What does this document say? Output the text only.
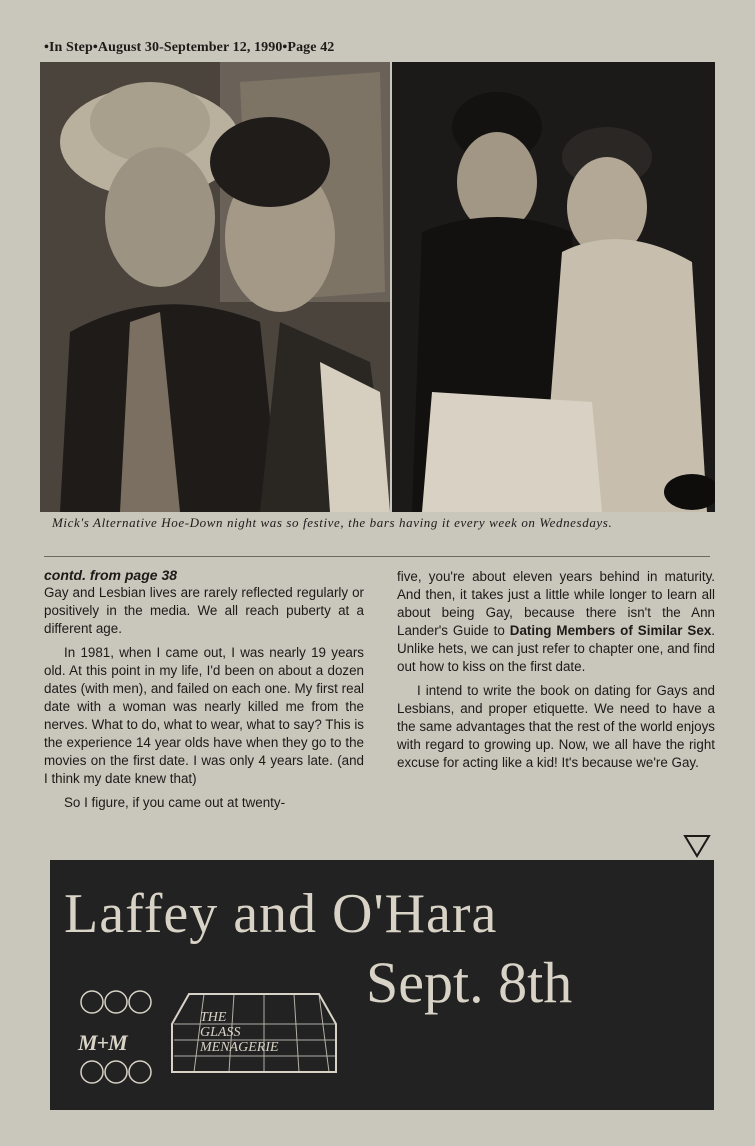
•In Step•August 30-September 12, 1990•Page 42
Mick's Alternative Hoe-Down night was so festive, the bars having it every week on Wednesdays.
contd. from page 38

Gay and Lesbian lives are rarely reflected regularly or positively in the media. We all reach puberty at a different age.

In 1981, when I came out, I was nearly 19 years old. At this point in my life, I'd been on about a dozen dates (with men), and failed on each one. My first real date with a woman was nearly killed me from the nerves. What to do, what to wear, what to say? This is the experience 14 year olds have when they go to the movies on the first date. I was only 4 years late. (and I think my date knew that)

So I figure, if you came out at twenty-

five, you're about eleven years behind in maturity. And then, it takes just a little while longer to learn all about being Gay, because there isn't the Ann Lander's Guide to Dating Members of Similar Sex. Unlike hets, we can just refer to chapter one, and find out how to kiss on the first date.

I intend to write the book on dating for Gays and Lesbians, and proper etiquette. We need to have a the same advantages that the rest of the world enjoys with regard to growing up. Now, we all have the right excuse for acting like a kid! It's because we're Gay.

Laffey and O'Hara
Sept. 8th
M+M
THE
GLASS
MENAGERIE
